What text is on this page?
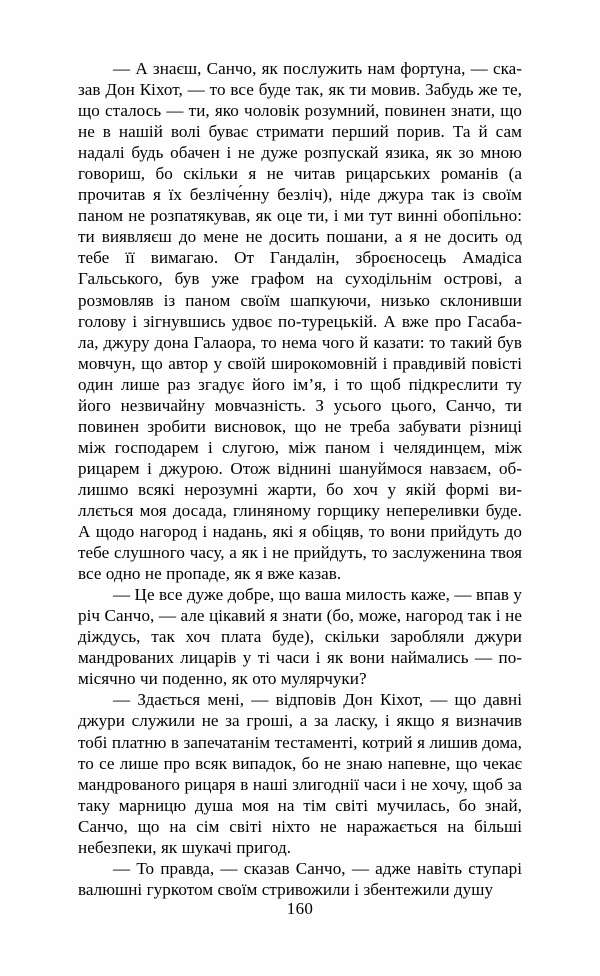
— А знаєш, Санчо, як послужить нам фортуна, — сказав Дон Кіхот, — то все буде так, як ти мовив. Забудь же те, що сталось — ти, яко чоловік розумний, повинен знати, що не в нашій волі буває стримати перший порив. Та й сам надалі будь обачен і не дуже розпускай язика, як зо мною говориш, бо скільки я не читав рицарських романів (а прочитав я їх безліче́нну безліч), ніде джура так із своїм паном не розпатякував, як оце ти, і ми тут винні обопільно: ти виявляєш до мене не досить пошани, а я не досить од тебе її вимагаю. От Гандалін, зброєносець Амадіса Гальського, був уже графом на суходільнім острові, а розмовляв із паном своїм шапкуючи, низько склонивши голову і зігнувшись удвоє по-турецькій. А вже про Гасабала, джуру дона Галаора, то нема чого й казати: то такий був мовчун, що автор у своїй широкомовній і правдивій повісті один лише раз згадує його ім’я, і то щоб підкреслити ту його незвичайну мовчазність. З усього цього, Санчо, ти повинен зробити висновок, що не треба забувати різниці між господарем і слугою, між паном і челядинцем, між рицарем і джурою. Отож віднині шануймося навзаєм, облишмо всякі нерозумні жарти, бо хоч у якій формі виллється моя досада, глиняному горщику непереливки буде. А щодо нагород і надань, які я обіцяв, то вони прийдуть до тебе слушного часу, а як і не прийдуть, то заслуженина твоя все одно не пропаде, як я вже казав.

— Це все дуже добре, що ваша милость каже, — впав у річ Санчо, — але цікавий я знати (бо, може, нагород так і не діждусь, так хоч плата буде), скільки заробляли джури мандрованих лицарів у ті часи і як вони наймались — помісячно чи поденно, як ото мулярчуки?

— Здається мені, — відповів Дон Кіхот, — що давні джури служили не за гроші, а за ласку, і якщо я визначив тобі платню в запечатанім тестаменті, котрий я лишив дома, то се лише про всяк випадок, бо не знаю напевне, що чекає мандрованого рицаря в наші злигоднії часи і не хочу, щоб за таку марницю душа моя на тім світі мучилась, бо знай, Санчо, що на сім світі ніхто не наражається на більші небезпеки, як шукачі пригод.

— То правда, — сказав Санчо, — адже навіть ступарі валюшні гуркотом своїм стривожили і збентежили душу

160
